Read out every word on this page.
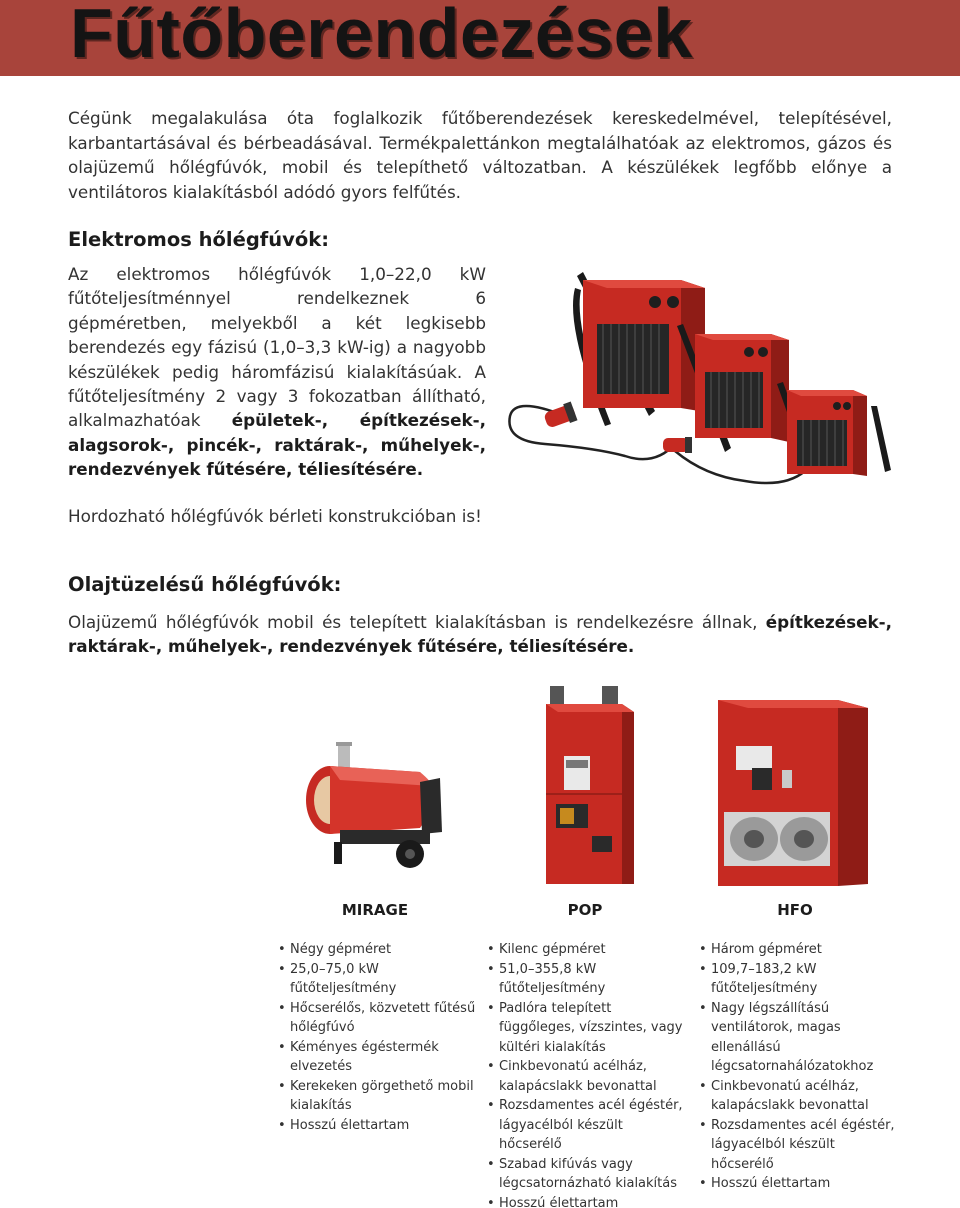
Fűtőberendezések

Cégünk megalakulása óta foglalkozik fűtőberendezések kereskedelmével, telepítésével, karbantartásával és bérbeadásával. Termékpalettánkon megtalálhatóak az elektromos, gázos és olajüzemű hőlégfúvók, mobil és telepíthető változatban. A készülékek legfőbb előnye a ventilátoros kialakításból adódó gyors felfűtés.

Elektromos hőlégfúvók:

Az elektromos hőlégfúvók 1,0–22,0 kW fűtőteljesítménnyel rendelkeznek 6 gépméretben, melyekből a két legkisebb berendezés egy fázisú (1,0–3,3 kW-ig) a nagyobb készülékek pedig háromfázisú kialakításúak. A fűtőteljesítmény 2 vagy 3 fokozatban állítható, alkalmazhatóak épületek-, építkezések-, alagsorok-, pincék-, raktárak-, műhelyek-, rendezvények fűtésére, téliesítésére.

Hordozható hőlégfúvók bérleti konstrukcióban is!

Olajtüzelésű hőlégfúvók:

Olajüzemű hőlégfúvók mobil és telepített kialakításban is rendelkezésre állnak, építkezések-, raktárak-, műhelyek-, rendezvények fűtésére, téliesítésére.

MIRAGE	POP	HFO
• Négy gépméret
• 25,0–75,0 kW fűtőteljesítmény
• Hőcserélős, közvetett fűtésű hőlégfúvó
• Kéményes égéstermék elvezetés
• Kerekeken görgethető mobil kialakítás
• Hosszú élettartam
• Kilenc gépméret
• 51,0–355,8 kW fűtőteljesítmény
• Padlóra telepített függőleges, vízszintes, vagy kültéri kialakítás
• Cinkbevonatú acélház, kalapácslakk bevonattal
• Rozsdamentes acél égéstér, lágyacélból készült hőcserélő
• Szabad kifúvás vagy légcsatornázható kialakítás
• Hosszú élettartam
• Három gépméret
• 109,7–183,2 kW fűtőteljesítmény
• Nagy légszállítású ventilátorok, magas ellenállású légcsatornahálózatokhoz
• Cinkbevonatú acélház, kalapácslakk bevonattal
• Rozsdamentes acél égéstér, lágyacélból készült hőcserélő
• Hosszú élettartam
